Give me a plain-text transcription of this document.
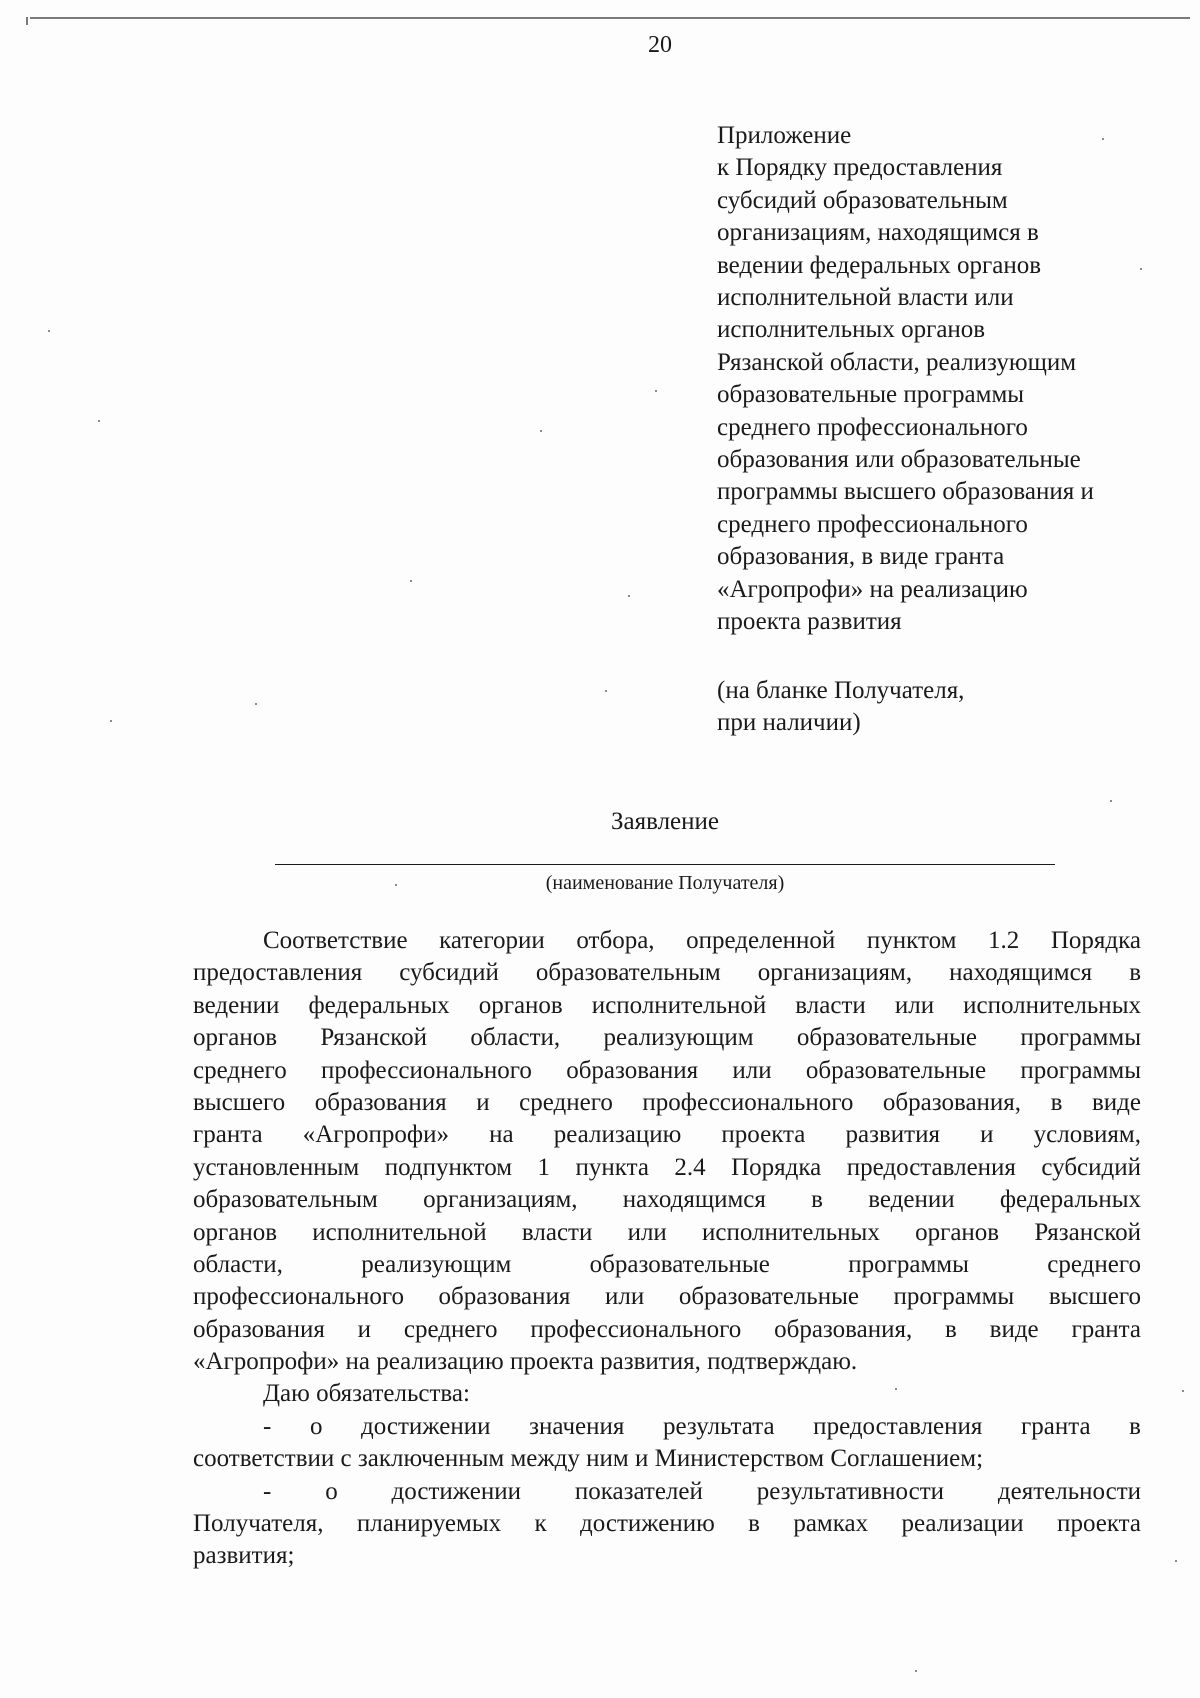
20
Приложение
к Порядку предоставления
субсидий образовательным
организациям, находящимся в
ведении федеральных органов
исполнительной власти или
исполнительных органов
Рязанской области, реализующим
образовательные программы
среднего профессионального
образования или образовательные
программы высшего образования и
среднего профессионального
образования, в виде гранта
«Агропрофи» на реализацию
проекта развития
(на бланке Получателя,
при наличии)
Заявление
(наименование Получателя)
Соответствие категории отбора, определенной пунктом 1.2 Порядка
предоставления субсидий образовательным организациям, находящимся в
ведении федеральных органов исполнительной власти или исполнительных
органов Рязанской области, реализующим образовательные программы
среднего профессионального образования или образовательные программы
высшего образования и среднего профессионального образования, в виде
гранта «Агропрофи» на реализацию проекта развития и условиям,
установленным подпунктом 1 пункта 2.4 Порядка предоставления субсидий
образовательным организациям, находящимся в ведении федеральных
органов исполнительной власти или исполнительных органов Рязанской
области, реализующим образовательные программы среднего
профессионального образования или образовательные программы высшего
образования и среднего профессионального образования, в виде гранта
«Агропрофи» на реализацию проекта развития, подтверждаю.
Даю обязательства:
- о достижении значения результата предоставления гранта в
соответствии с заключенным между ним и Министерством Соглашением;
- о достижении показателей результативности деятельности
Получателя, планируемых к достижению в рамках реализации проекта
развития;
